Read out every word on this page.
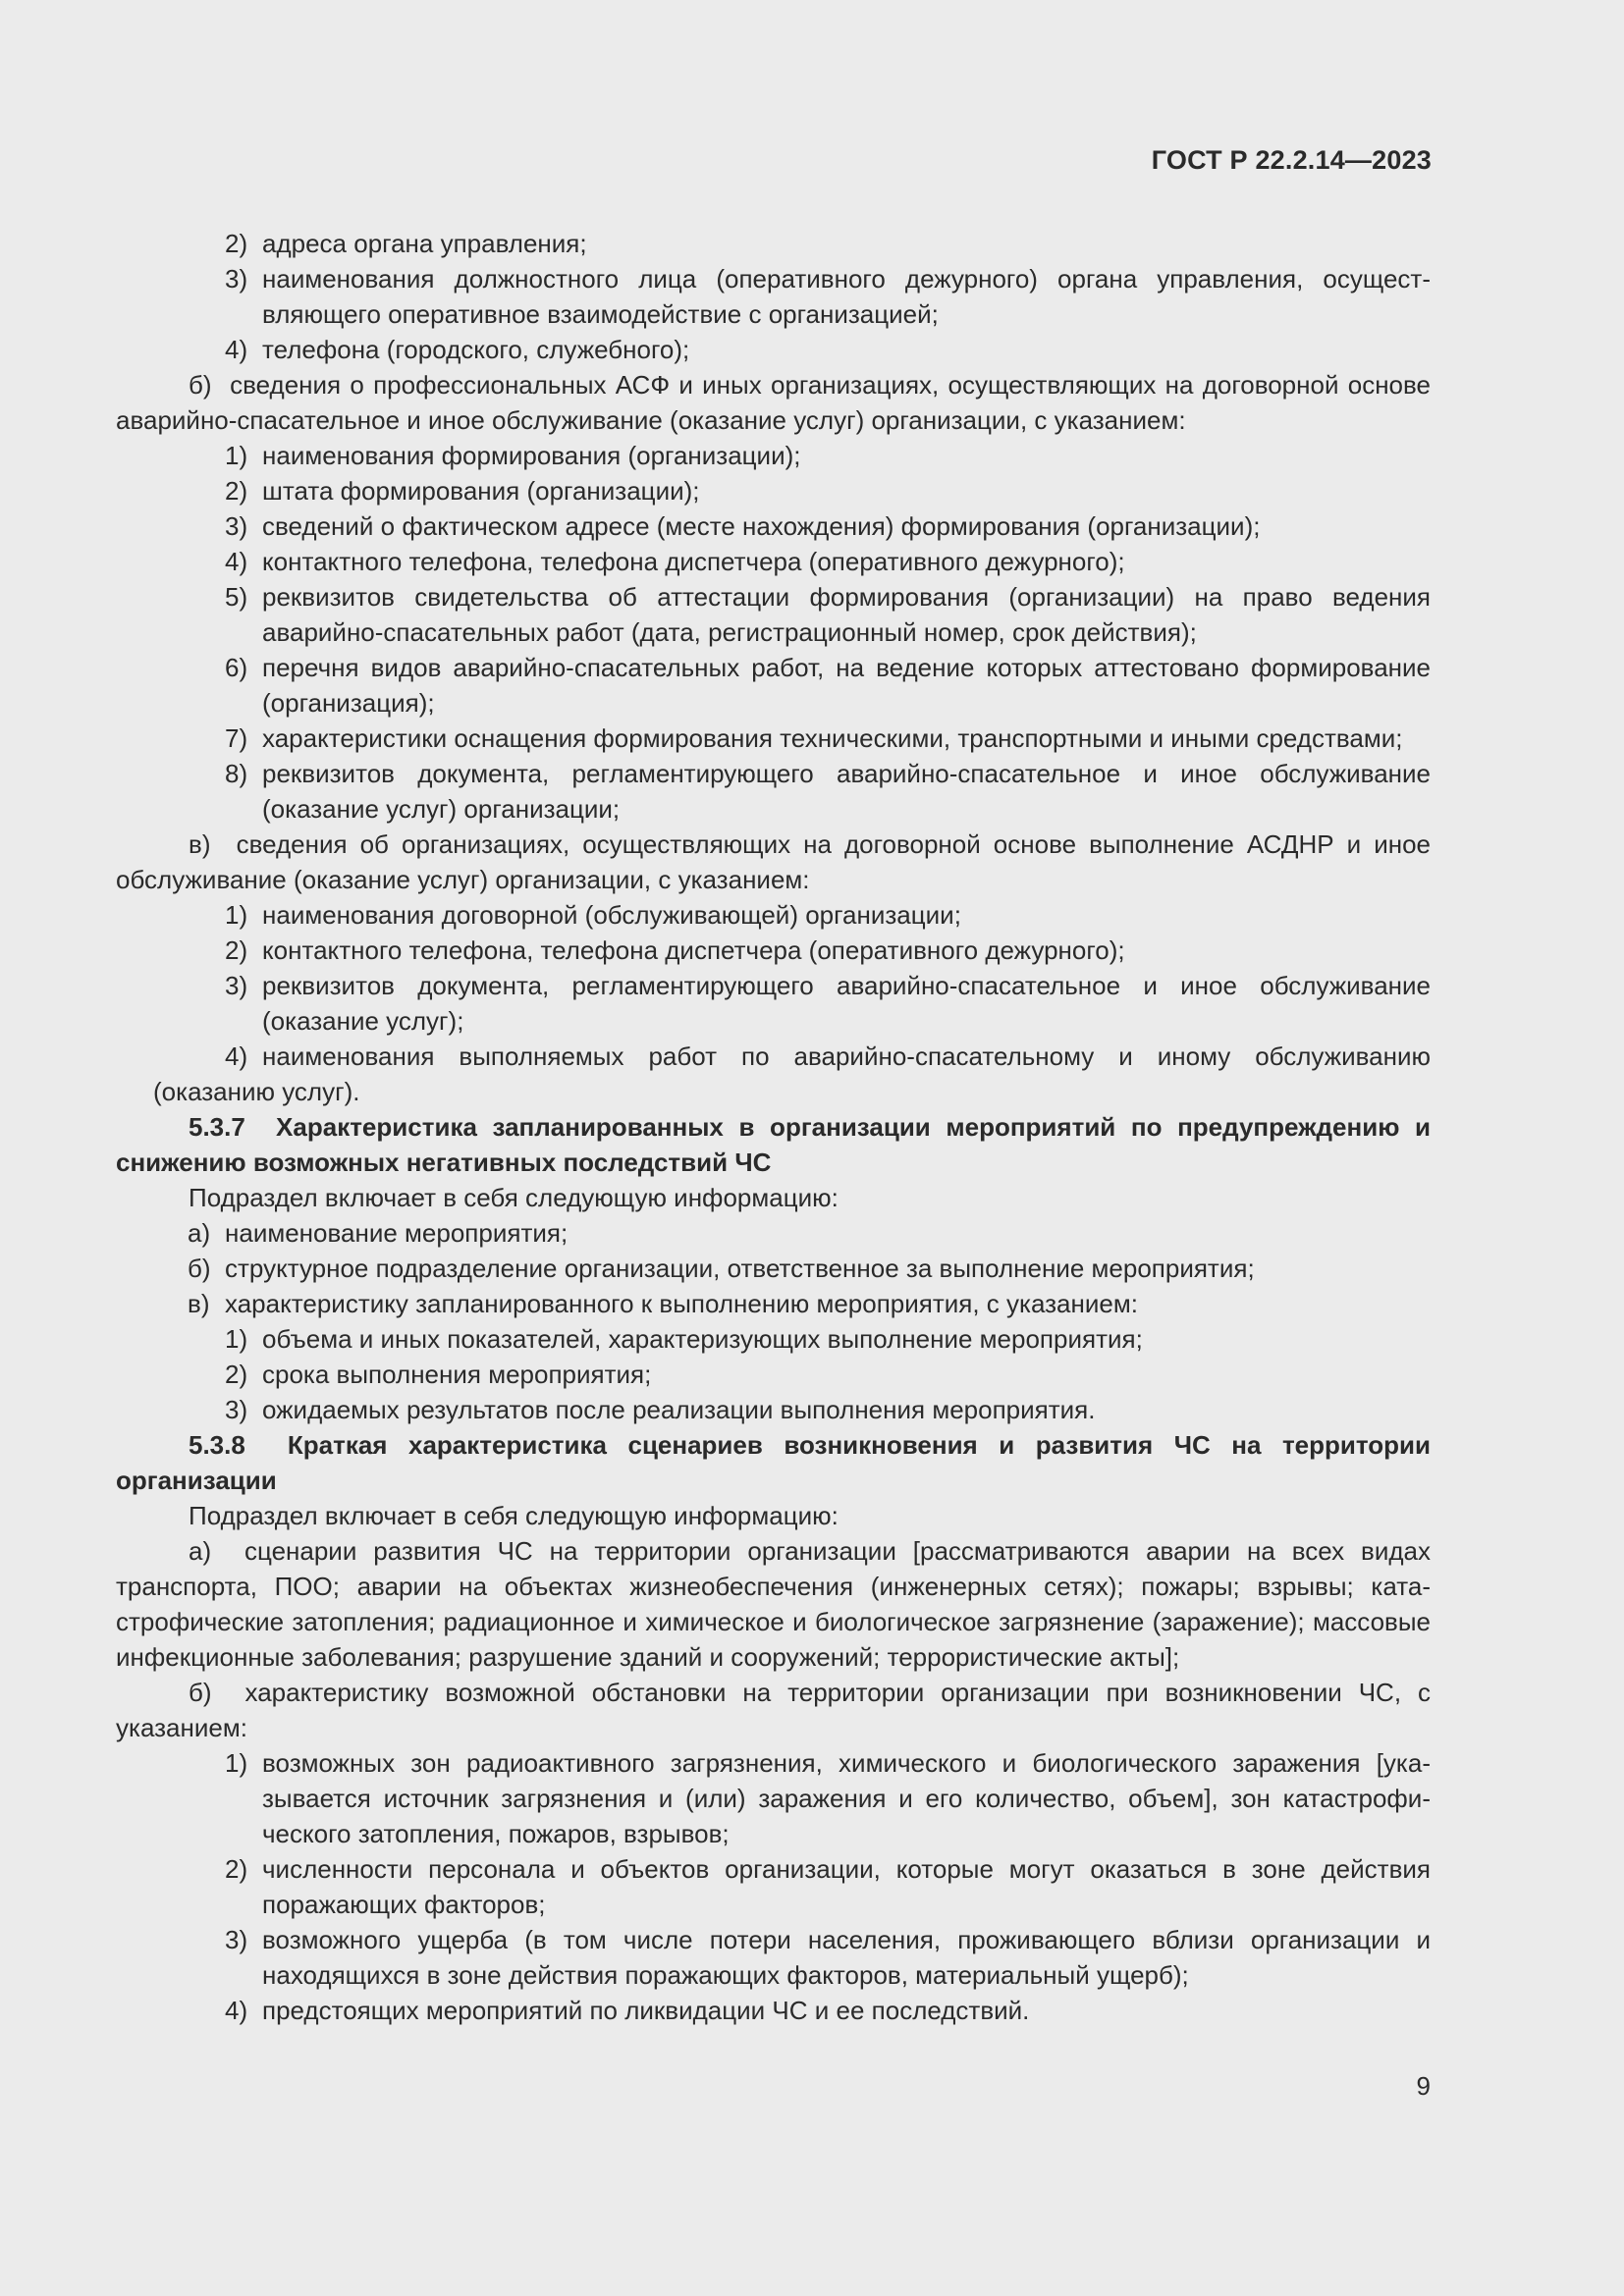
ГОСТ Р 22.2.14—2023
2) адреса органа управления;
3) наименования должностного лица (оперативного дежурного) органа управления, осуществляющего оперативное взаимодействие с организацией;
4) телефона (городского, служебного);
б) сведения о профессиональных АСФ и иных организациях, осуществляющих на договорной основе аварийно-спасательное и иное обслуживание (оказание услуг) организации, с указанием:
1) наименования формирования (организации);
2) штата формирования (организации);
3) сведений о фактическом адресе (месте нахождения) формирования (организации);
4) контактного телефона, телефона диспетчера (оперативного дежурного);
5) реквизитов свидетельства об аттестации формирования (организации) на право ведения аварийно-спасательных работ (дата, регистрационный номер, срок действия);
6) перечня видов аварийно-спасательных работ, на ведение которых аттестовано формирование (организация);
7) характеристики оснащения формирования техническими, транспортными и иными средствами;
8) реквизитов документа, регламентирующего аварийно-спасательное и иное обслуживание (оказание услуг) организации;
в) сведения об организациях, осуществляющих на договорной основе выполнение АСДНР и иное обслуживание (оказание услуг) организации, с указанием:
1) наименования договорной (обслуживающей) организации;
2) контактного телефона, телефона диспетчера (оперативного дежурного);
3) реквизитов документа, регламентирующего аварийно-спасательное и иное обслуживание (оказание услуг);
4) наименования выполняемых работ по аварийно-спасательному и иному обслуживанию
(оказанию услуг).
5.3.7 Характеристика запланированных в организации мероприятий по предупреждению и снижению возможных негативных последствий ЧС
Подраздел включает в себя следующую информацию:
а) наименование мероприятия;
б) структурное подразделение организации, ответственное за выполнение мероприятия;
в) характеристику запланированного к выполнению мероприятия, с указанием:
1) объема и иных показателей, характеризующих выполнение мероприятия;
2) срока выполнения мероприятия;
3) ожидаемых результатов после реализации выполнения мероприятия.
5.3.8 Краткая характеристика сценариев возникновения и развития ЧС на территории организации
Подраздел включает в себя следующую информацию:
а) сценарии развития ЧС на территории организации [рассматриваются аварии на всех видах транспорта, ПОО; аварии на объектах жизнеобеспечения (инженерных сетях); пожары; взрывы; катастрофические затопления; радиационное и химическое и биологическое загрязнение (заражение); массовые инфекционные заболевания; разрушение зданий и сооружений; террористические акты];
б) характеристику возможной обстановки на территории организации при возникновении ЧС, с указанием:
1) возможных зон радиоактивного загрязнения, химического и биологического заражения [указывается источник загрязнения и (или) заражения и его количество, объем], зон катастрофического затопления, пожаров, взрывов;
2) численности персонала и объектов организации, которые могут оказаться в зоне действия поражающих факторов;
3) возможного ущерба (в том числе потери населения, проживающего вблизи организации и находящихся в зоне действия поражающих факторов, материальный ущерб);
4) предстоящих мероприятий по ликвидации ЧС и ее последствий.
9
